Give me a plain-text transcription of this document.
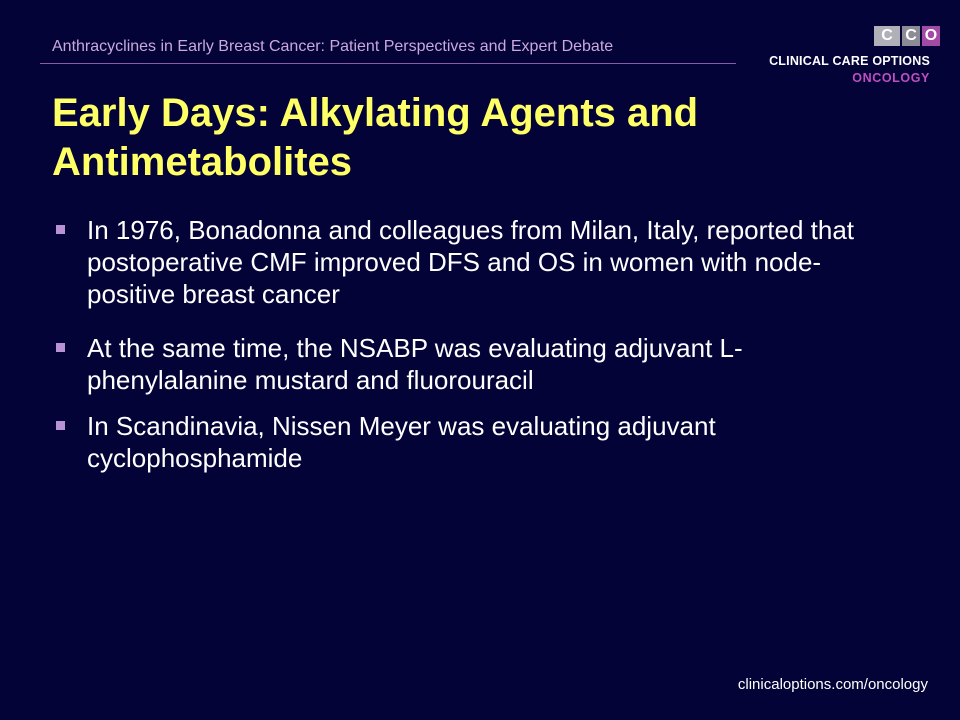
Anthracyclines in Early Breast Cancer: Patient Perspectives and Expert Debate
C C O
CLINICAL CARE OPTIONS
ONCOLOGY
Early Days: Alkylating Agents and Antimetabolites
In 1976, Bonadonna and colleagues from Milan, Italy, reported that postoperative CMF improved DFS and OS in women with node-positive breast cancer
At the same time, the NSABP was evaluating adjuvant L-phenylalanine mustard and fluorouracil
In Scandinavia, Nissen Meyer was evaluating adjuvant cyclophosphamide
clinicaloptions.com/oncology
